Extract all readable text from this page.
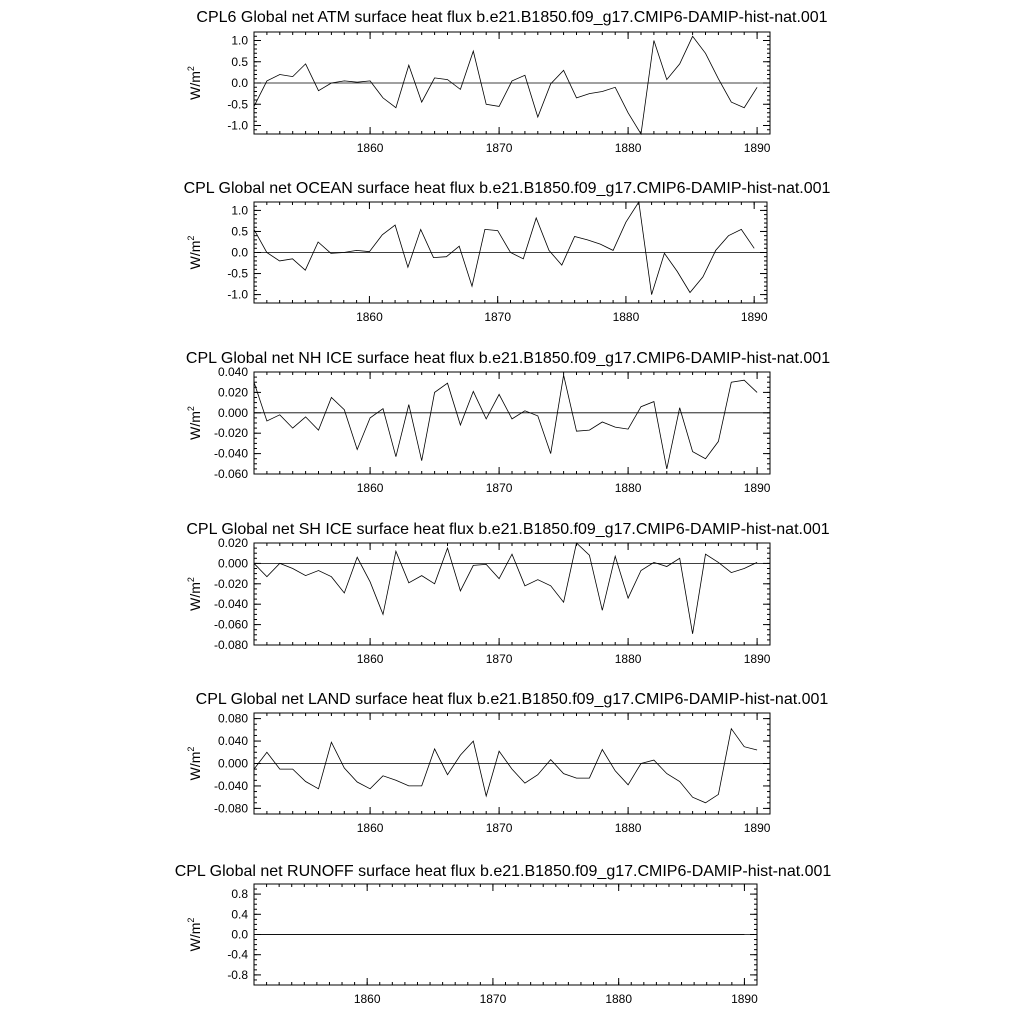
CPL6 Global net ATM surface heat flux b.e21.B1850.f09_g17.CMIP6-DAMIP-hist-nat.001
-1.0
-0.5
0.0
0.5
1.0
1860	1870	1880	1890
$W/m^2$
CPL Global net OCEAN surface heat flux b.e21.B1850.f09_g17.CMIP6-DAMIP-hist-nat.001
-1.0
-0.5
0.0
0.5
1.0
1860	1870	1880	1890
$W/m^2$
CPL Global net NH ICE surface heat flux b.e21.B1850.f09_g17.CMIP6-DAMIP-hist-nat.001
-0.060
-0.040
-0.020
0.000
0.020
0.040
1860	1870	1880	1890
$W/m^2$
CPL Global net SH ICE surface heat flux b.e21.B1850.f09_g17.CMIP6-DAMIP-hist-nat.001
-0.080
-0.060
-0.040
-0.020
0.000
0.020
1860	1870	1880	1890
$W/m^2$
CPL Global net LAND surface heat flux b.e21.B1850.f09_g17.CMIP6-DAMIP-hist-nat.001
-0.080
-0.040
0.000
0.040
0.080
1860	1870	1880	1890
$W/m^2$
CPL Global net RUNOFF surface heat flux b.e21.B1850.f09_g17.CMIP6-DAMIP-hist-nat.001
-0.8
-0.4
0.0
0.4
0.8
1860	1870	1880	1890
$W/m^2$
